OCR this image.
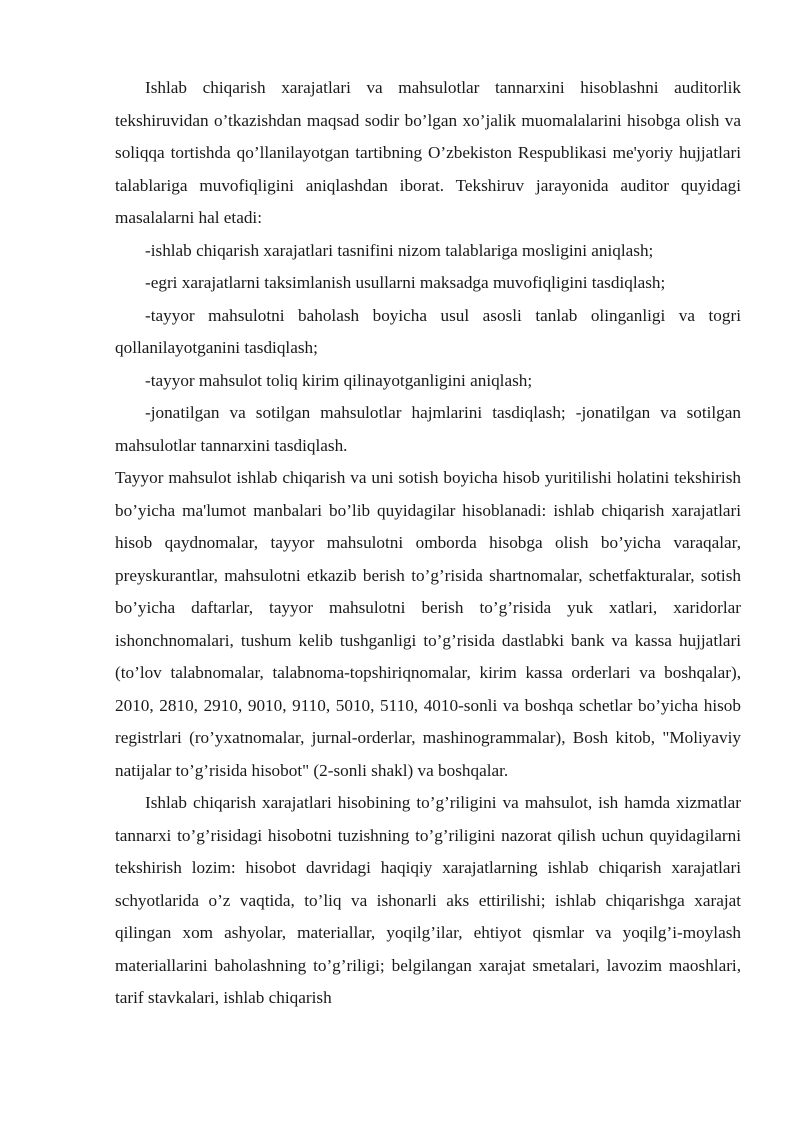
Ishlab chiqarish xarajatlari va mahsulotlar tannarxini hisoblashni auditorlik tekshiruvidan o’tkazishdan maqsad sodir bo’lgan xo’jalik muomalalarini hisobga olish va soliqqa tortishda qo’llanilayotgan tartibning O’zbekiston Respublikasi me'yoriy hujjatlari talablariga muvofiqligini aniqlashdan iborat. Tekshiruv jarayonida auditor quyidagi masalalarni hal etadi:

-ishlab chiqarish xarajatlari tasnifini nizom talablariga mosligini aniqlash;

-egri xarajatlarni taksimlanish usullarni maksadga muvofiqligini tasdiqlash;

-tayyor mahsulotni baholash boyicha usul asosli tanlab olinganligi va togri qollanilayotganini tasdiqlash;

-tayyor mahsulot toliq kirim qilinayotganligini aniqlash;

-jonatilgan va sotilgan mahsulotlar hajmlarini tasdiqlash; -jonatilgan va sotilgan mahsulotlar tannarxini tasdiqlash.

Tayyor mahsulot ishlab chiqarish va uni sotish boyicha hisob yuritilishi holatini tekshirish bo’yicha ma'lumot manbalari bo’lib quyidagilar hisoblanadi: ishlab chiqarish xarajatlari hisob qaydnomalar, tayyor mahsulotni omborda hisobga olish bo’yicha varaqalar, preyskurantlar, mahsulotni etkazib berish to’g’risida shartnomalar, schetfakturalar, sotish bo’yicha daftarlar, tayyor mahsulotni berish to’g’risida yuk xatlari, xaridorlar ishonchnomalari, tushum kelib tushganligi to’g’risida dastlabki bank va kassa hujjatlari (to’lov talabnomalar, talabnoma-topshiriqnomalar, kirim kassa orderlari va boshqalar), 2010, 2810, 2910, 9010, 9110, 5010, 5110, 4010-sonli va boshqa schetlar bo’yicha hisob registrlari (ro’yxatnomalar, jurnal-orderlar, mashinogrammalar), Bosh kitob, "Moliyaviy natijalar to’g’risida hisobot" (2-sonli shakl) va boshqalar.

Ishlab chiqarish xarajatlari hisobining to’g’riligini va mahsulot, ish hamda xizmatlar tannarxi to’g’risidagi hisobotni tuzishning to’g’riligini nazorat qilish uchun quyidagilarni tekshirish lozim: hisobot davridagi haqiqiy xarajatlarning ishlab chiqarish xarajatlari schyotlarida o’z vaqtida, to’liq va ishonarli aks ettirilishi; ishlab chiqarishga xarajat qilingan xom ashyolar, materiallar, yoqilg’ilar, ehtiyot qismlar va yoqilg’i-moylash materiallarini baholashning to’g’riligi; belgilangan xarajat smetalari, lavozim maoshlari, tarif stavkalari, ishlab chiqarish
